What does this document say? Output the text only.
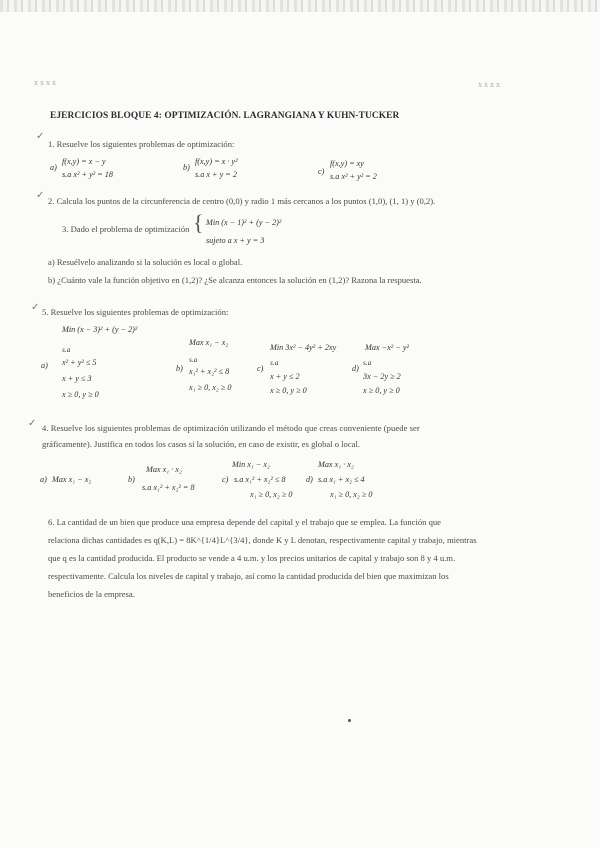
x x x x	x x x x
EJERCICIOS BLOQUE 4: OPTIMIZACIÓN. LAGRANGIANA Y KUHN-TUCKER
✓
1. Resuelve los siguientes problemas de optimización:
a)
f(x,y) = x − y
s.a x² + y² = 18
b)
f(x,y) = x · y²
s.a x + y = 2	c)
f(x,y) = xy
s.a x² + y² = 2
✓ 2. Calcula los puntos de la circunferencia de centro (0,0) y radio 1 más cercanos a los puntos (1,0), (1, 1) y (0,2).
3. Dado el problema de optimización { Min (x − 1)² + (y − 2)²
sujeto a x + y = 3
a) Resuélvelo analizando si la solución es local o global.
b) ¿Cuánto vale la función objetivo en (1,2)? ¿Se alcanza entonces la solución en (1,2)? Razona la respuesta.
✓ 5. Resuelve los siguientes problemas de optimización:
Min (x − 3)² + (y − 2)²
s.a
a) x² + y² ≤ 5
x + y ≤ 3
x ≥ 0, y ≥ 0
Max x₁ − x₂
s.a
b) x₁² + x₂² ≤ 8
x₁ ≥ 0, x₂ ≥ 0
Min 3x² − 4y² + 2xy
s.a
c)
x + y ≤ 2
x ≥ 0, y ≥ 0
Max −x² − y²
s.a
d)
3x − 2y ≥ 2
x ≥ 0, y ≥ 0
✓ 4. Resuelve los siguientes problemas de optimización utilizando el método que creas conveniente (puede ser
gráficamente). Justifica en todos los casos si la solución, en caso de existir, es global o local.
a) Max x₁ − x₂	b)
Max x₁ · x₂
s.a x₁² + x₂² = 8
Min x₁ − x₂
c) s.a x₁² + x₂² ≤ 8
x₁ ≥ 0, x₂ ≥ 0
Max x₁ · x₂
d) s.a x₁ + x₂ ≤ 4
x₁ ≥ 0, x₂ ≥ 0
6. La cantidad de un bien que produce una empresa depende del capital y el trabajo que se emplea. La función que
relaciona dichas cantidades es q(K,L) = 8K^{1/4}L^{3/4}, donde K y L denotan, respectivamente capital y trabajo, mientras
que q es la cantidad producida. El producto se vende a 4 u.m. y los precios unitarios de capital y trabajo son 8 y 4 u.m.
respectivamente. Calcula los niveles de capital y trabajo, así como la cantidad producida del bien que maximizan los
beneficios de la empresa.
